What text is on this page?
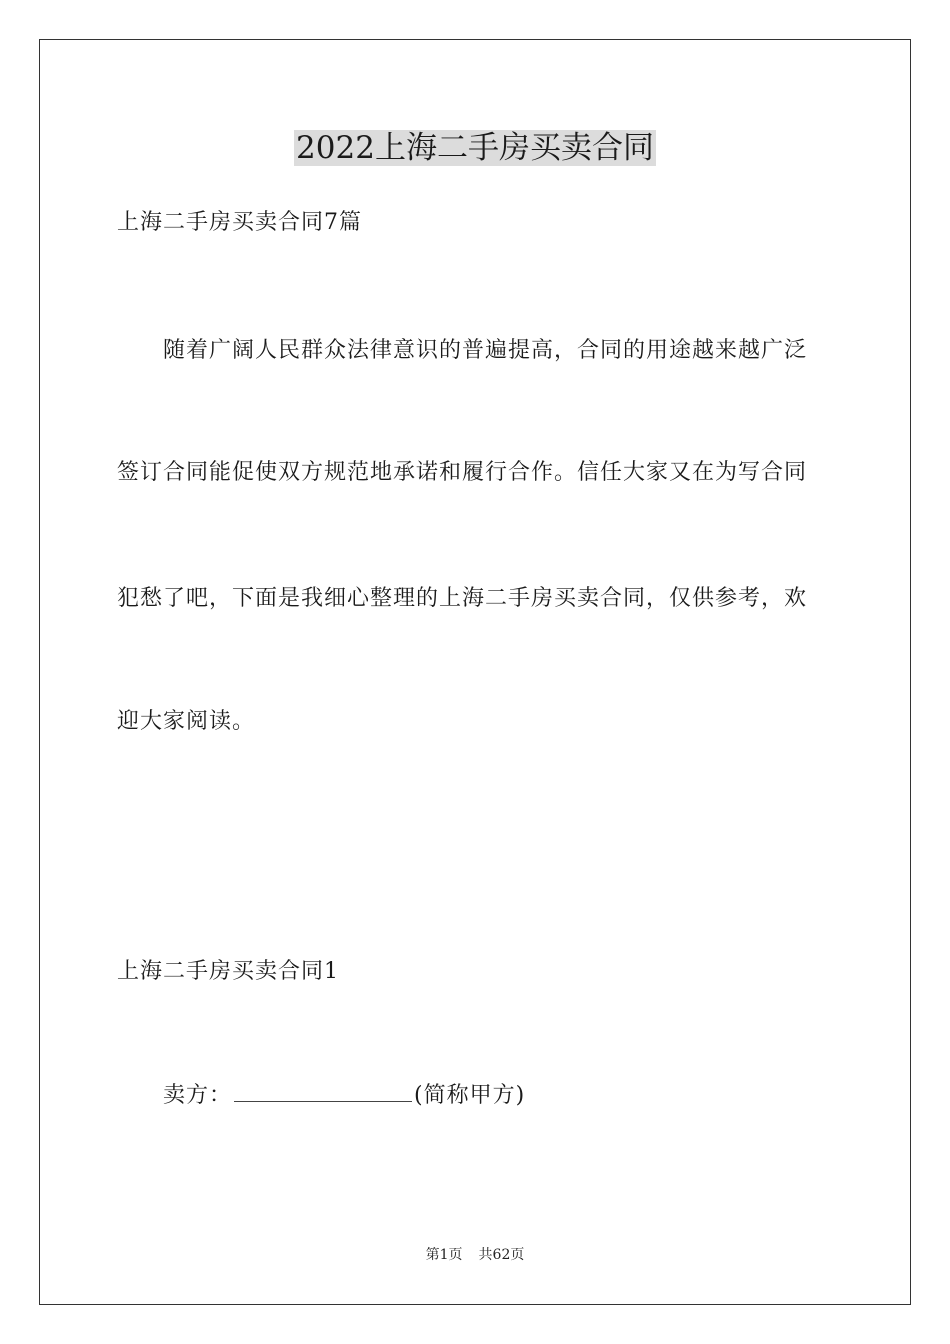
2022上海二手房买卖合同
上海二手房买卖合同7篇
随着广阔人民群众法律意识的普遍提高，合同的用途越来越广泛
签订合同能促使双方规范地承诺和履行合作。信任大家又在为写合同
犯愁了吧，下面是我细心整理的上海二手房买卖合同，仅供参考，欢
迎大家阅读。
上海二手房买卖合同1
卖方：	(简称甲方)
第1页 共62页
